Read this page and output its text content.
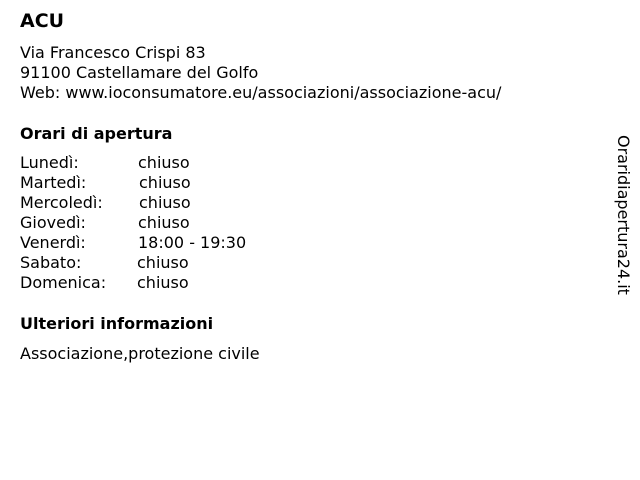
ACU
Via Francesco Crispi 83
91100 Castellamare del Golfo
Web: www.ioconsumatore.eu/associazioni/associazione-acu/
Orari di apertura
Lunedì:	chiuso
Martedì:	chiuso
Mercoledì: chiuso
Giovedì:	chiuso
Venerdì:	18:00 - 19:30
Sabato:	chiuso
Domenica: chiuso
Ulteriori informazioni
Associazione,protezione civile
Oraridiapertura24.it
